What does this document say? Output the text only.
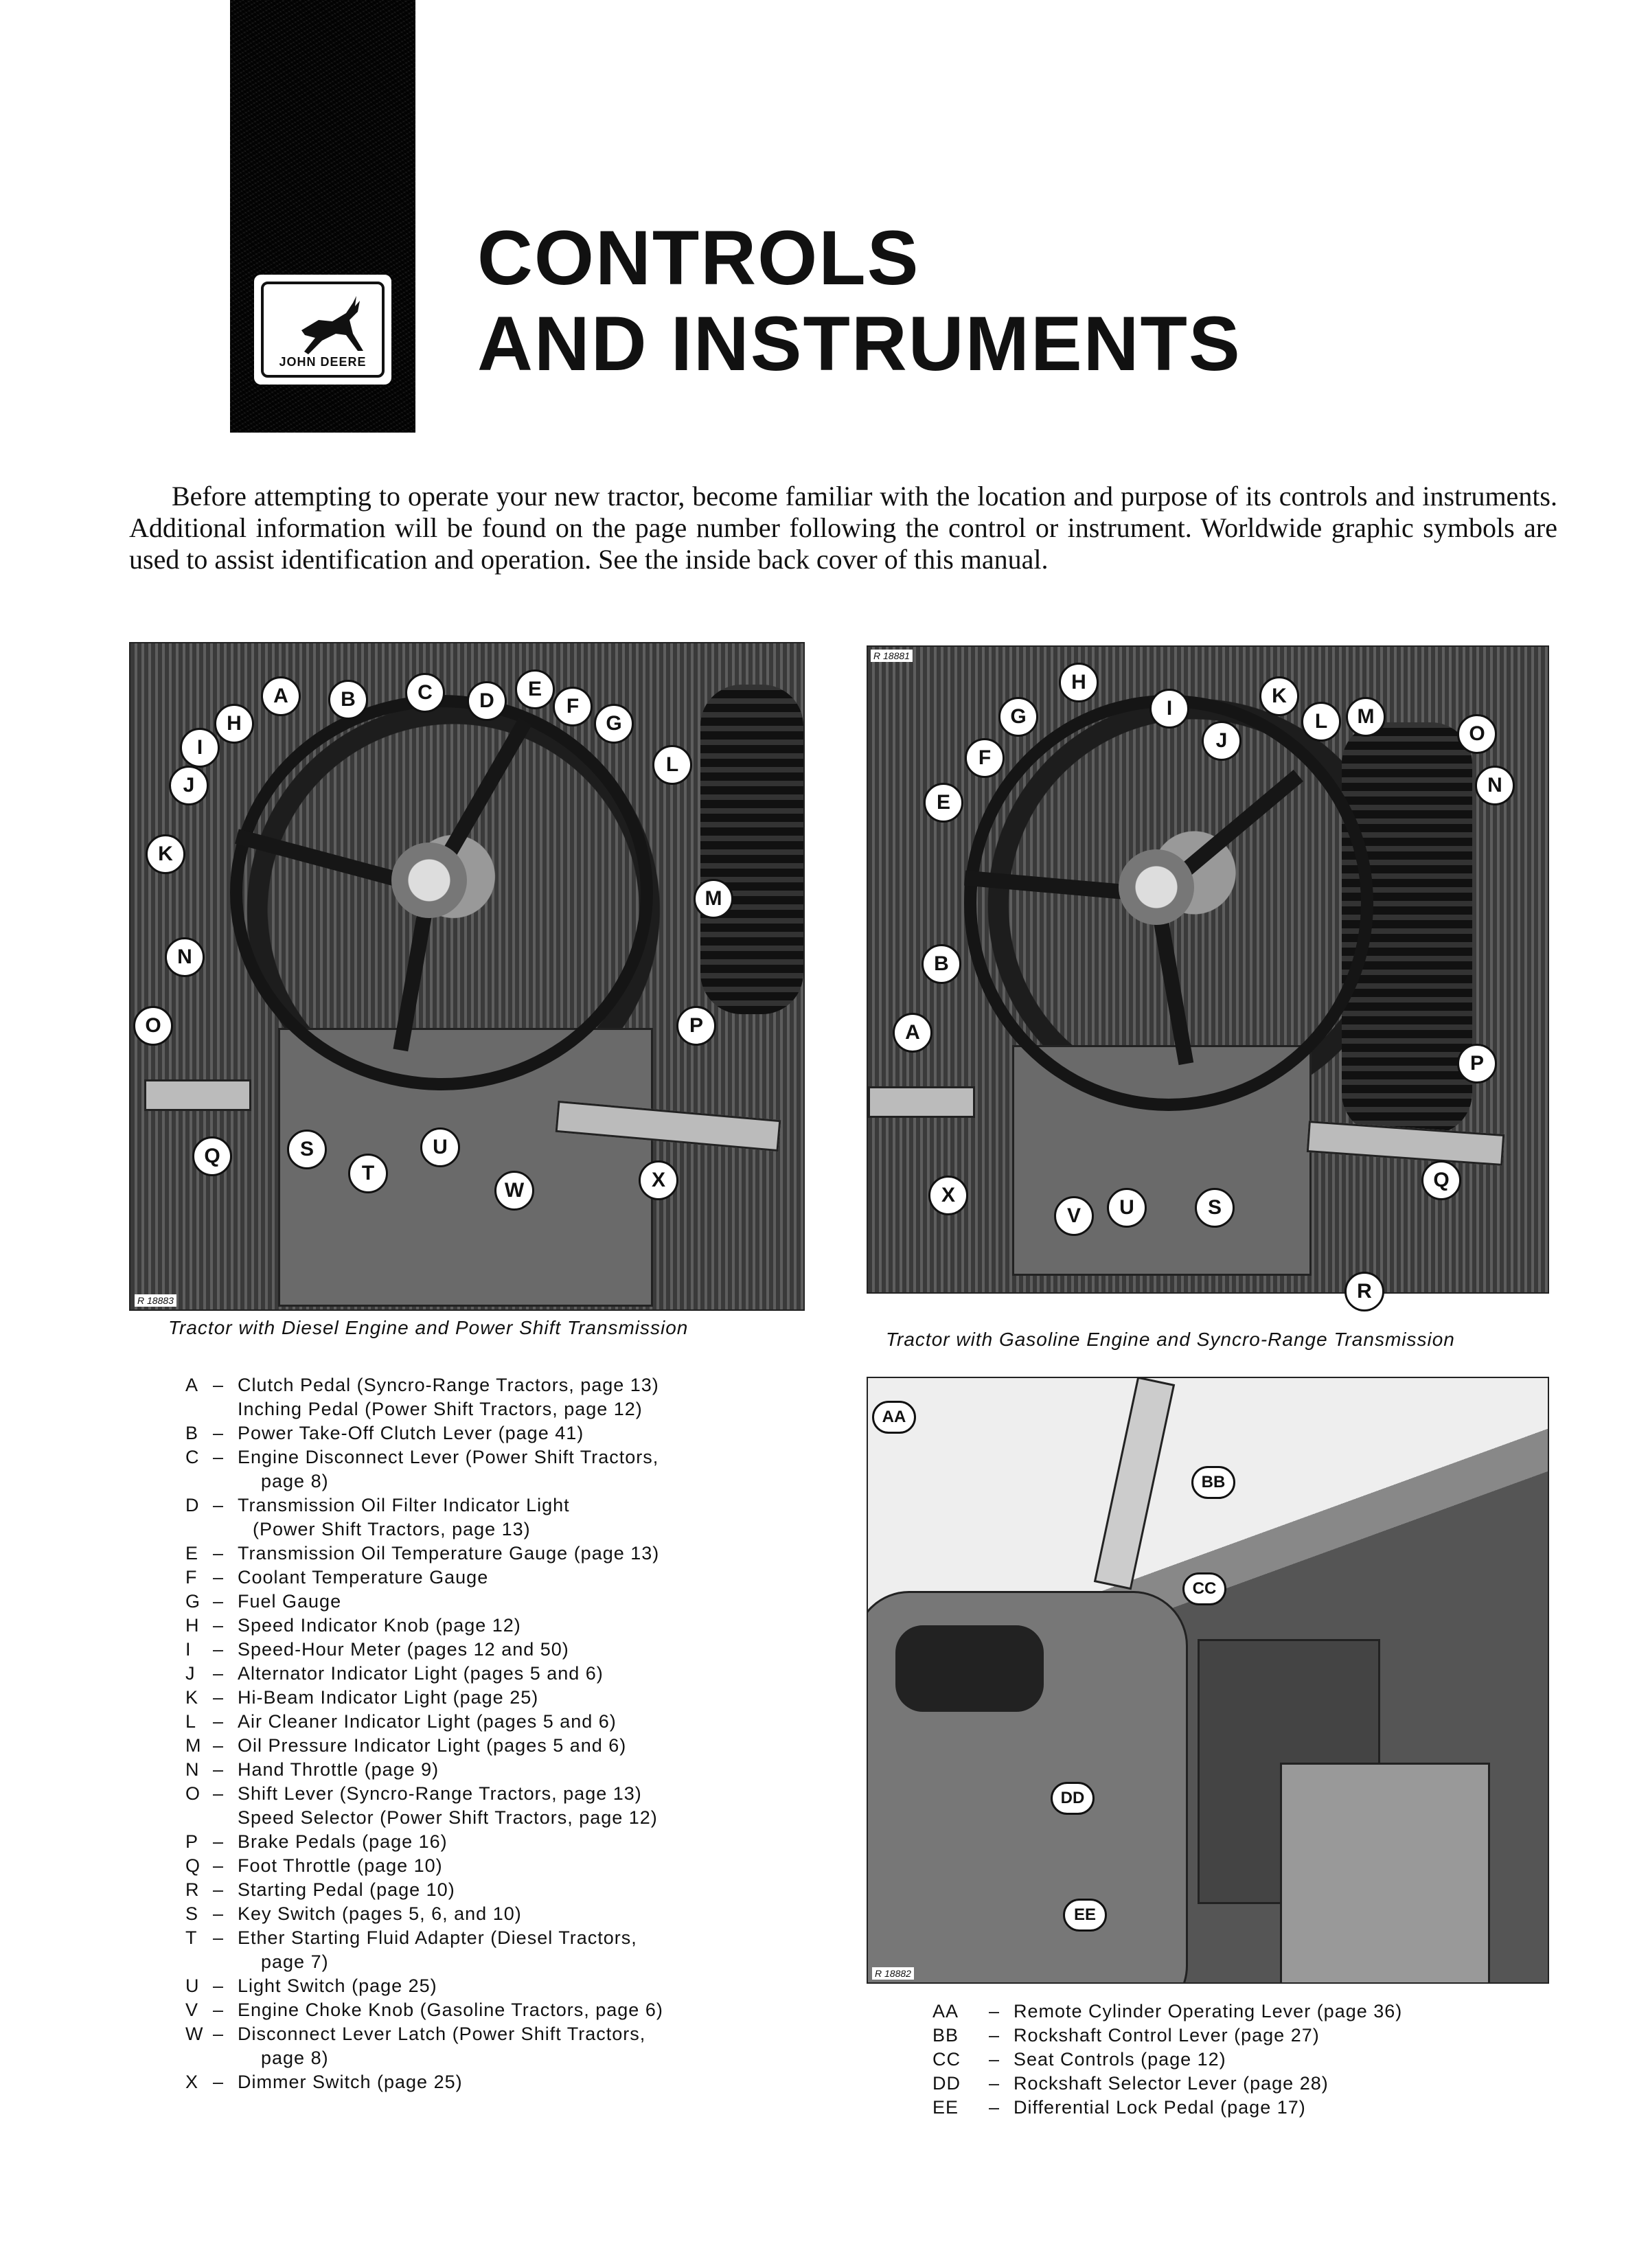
JOHN DEERE
CONTROLS
AND INSTRUMENTS
Before attempting to operate your new tractor, become familiar with the location and purpose of its controls and instruments. Additional information will be found on the page number following the control or instrument. Worldwide graphic symbols are used to assist identification and operation. See the inside back cover of this manual.
R 18883
A	B	C	D
E
F
G
H
I
J
K
L
M
N
O	P
Q	S
T
U
W	X
Tractor with Diesel Engine and Power Shift Transmission
R 18881
H
G	I
J
K
L	M
O
N
F
E
B
A
P
Q
X
V	U	S
R
Tractor with Gasoline Engine and Syncro-Range Transmission
R 18882
AA
BB
CC
DD
EE
A – Clutch Pedal (Syncro-Range Tractors, page 13)
Inching Pedal (Power Shift Tractors, page 12)
B – Power Take-Off Clutch Lever (page 41)
C – Engine Disconnect Lever (Power Shift Tractors,
page 8)
D – Transmission Oil Filter Indicator Light
(Power Shift Tractors, page 13)
E – Transmission Oil Temperature Gauge (page 13)
F – Coolant Temperature Gauge
G – Fuel Gauge
H – Speed Indicator Knob (page 12)
I	– Speed-Hour Meter (pages 12 and 50)
J – Alternator Indicator Light (pages 5 and 6)
K – Hi-Beam Indicator Light (page 25)
L – Air Cleaner Indicator Light (pages 5 and 6)
M – Oil Pressure Indicator Light (pages 5 and 6)
N – Hand Throttle (page 9)
O – Shift Lever (Syncro-Range Tractors, page 13)
Speed Selector (Power Shift Tractors, page 12)
P – Brake Pedals (page 16)
Q – Foot Throttle (page 10)
R – Starting Pedal (page 10)
S – Key Switch (pages 5, 6, and 10)
T – Ether Starting Fluid Adapter (Diesel Tractors,
page 7)
U – Light Switch (page 25)
V – Engine Choke Knob (Gasoline Tractors, page 6)
W – Disconnect Lever Latch (Power Shift Tractors,
page 8)
X – Dimmer Switch (page 25)
AA	– Remote Cylinder Operating Lever (page 36)
BB	– Rockshaft Control Lever (page 27)
CC	– Seat Controls (page 12)
DD	– Rockshaft Selector Lever (page 28)
EE	– Differential Lock Pedal (page 17)
